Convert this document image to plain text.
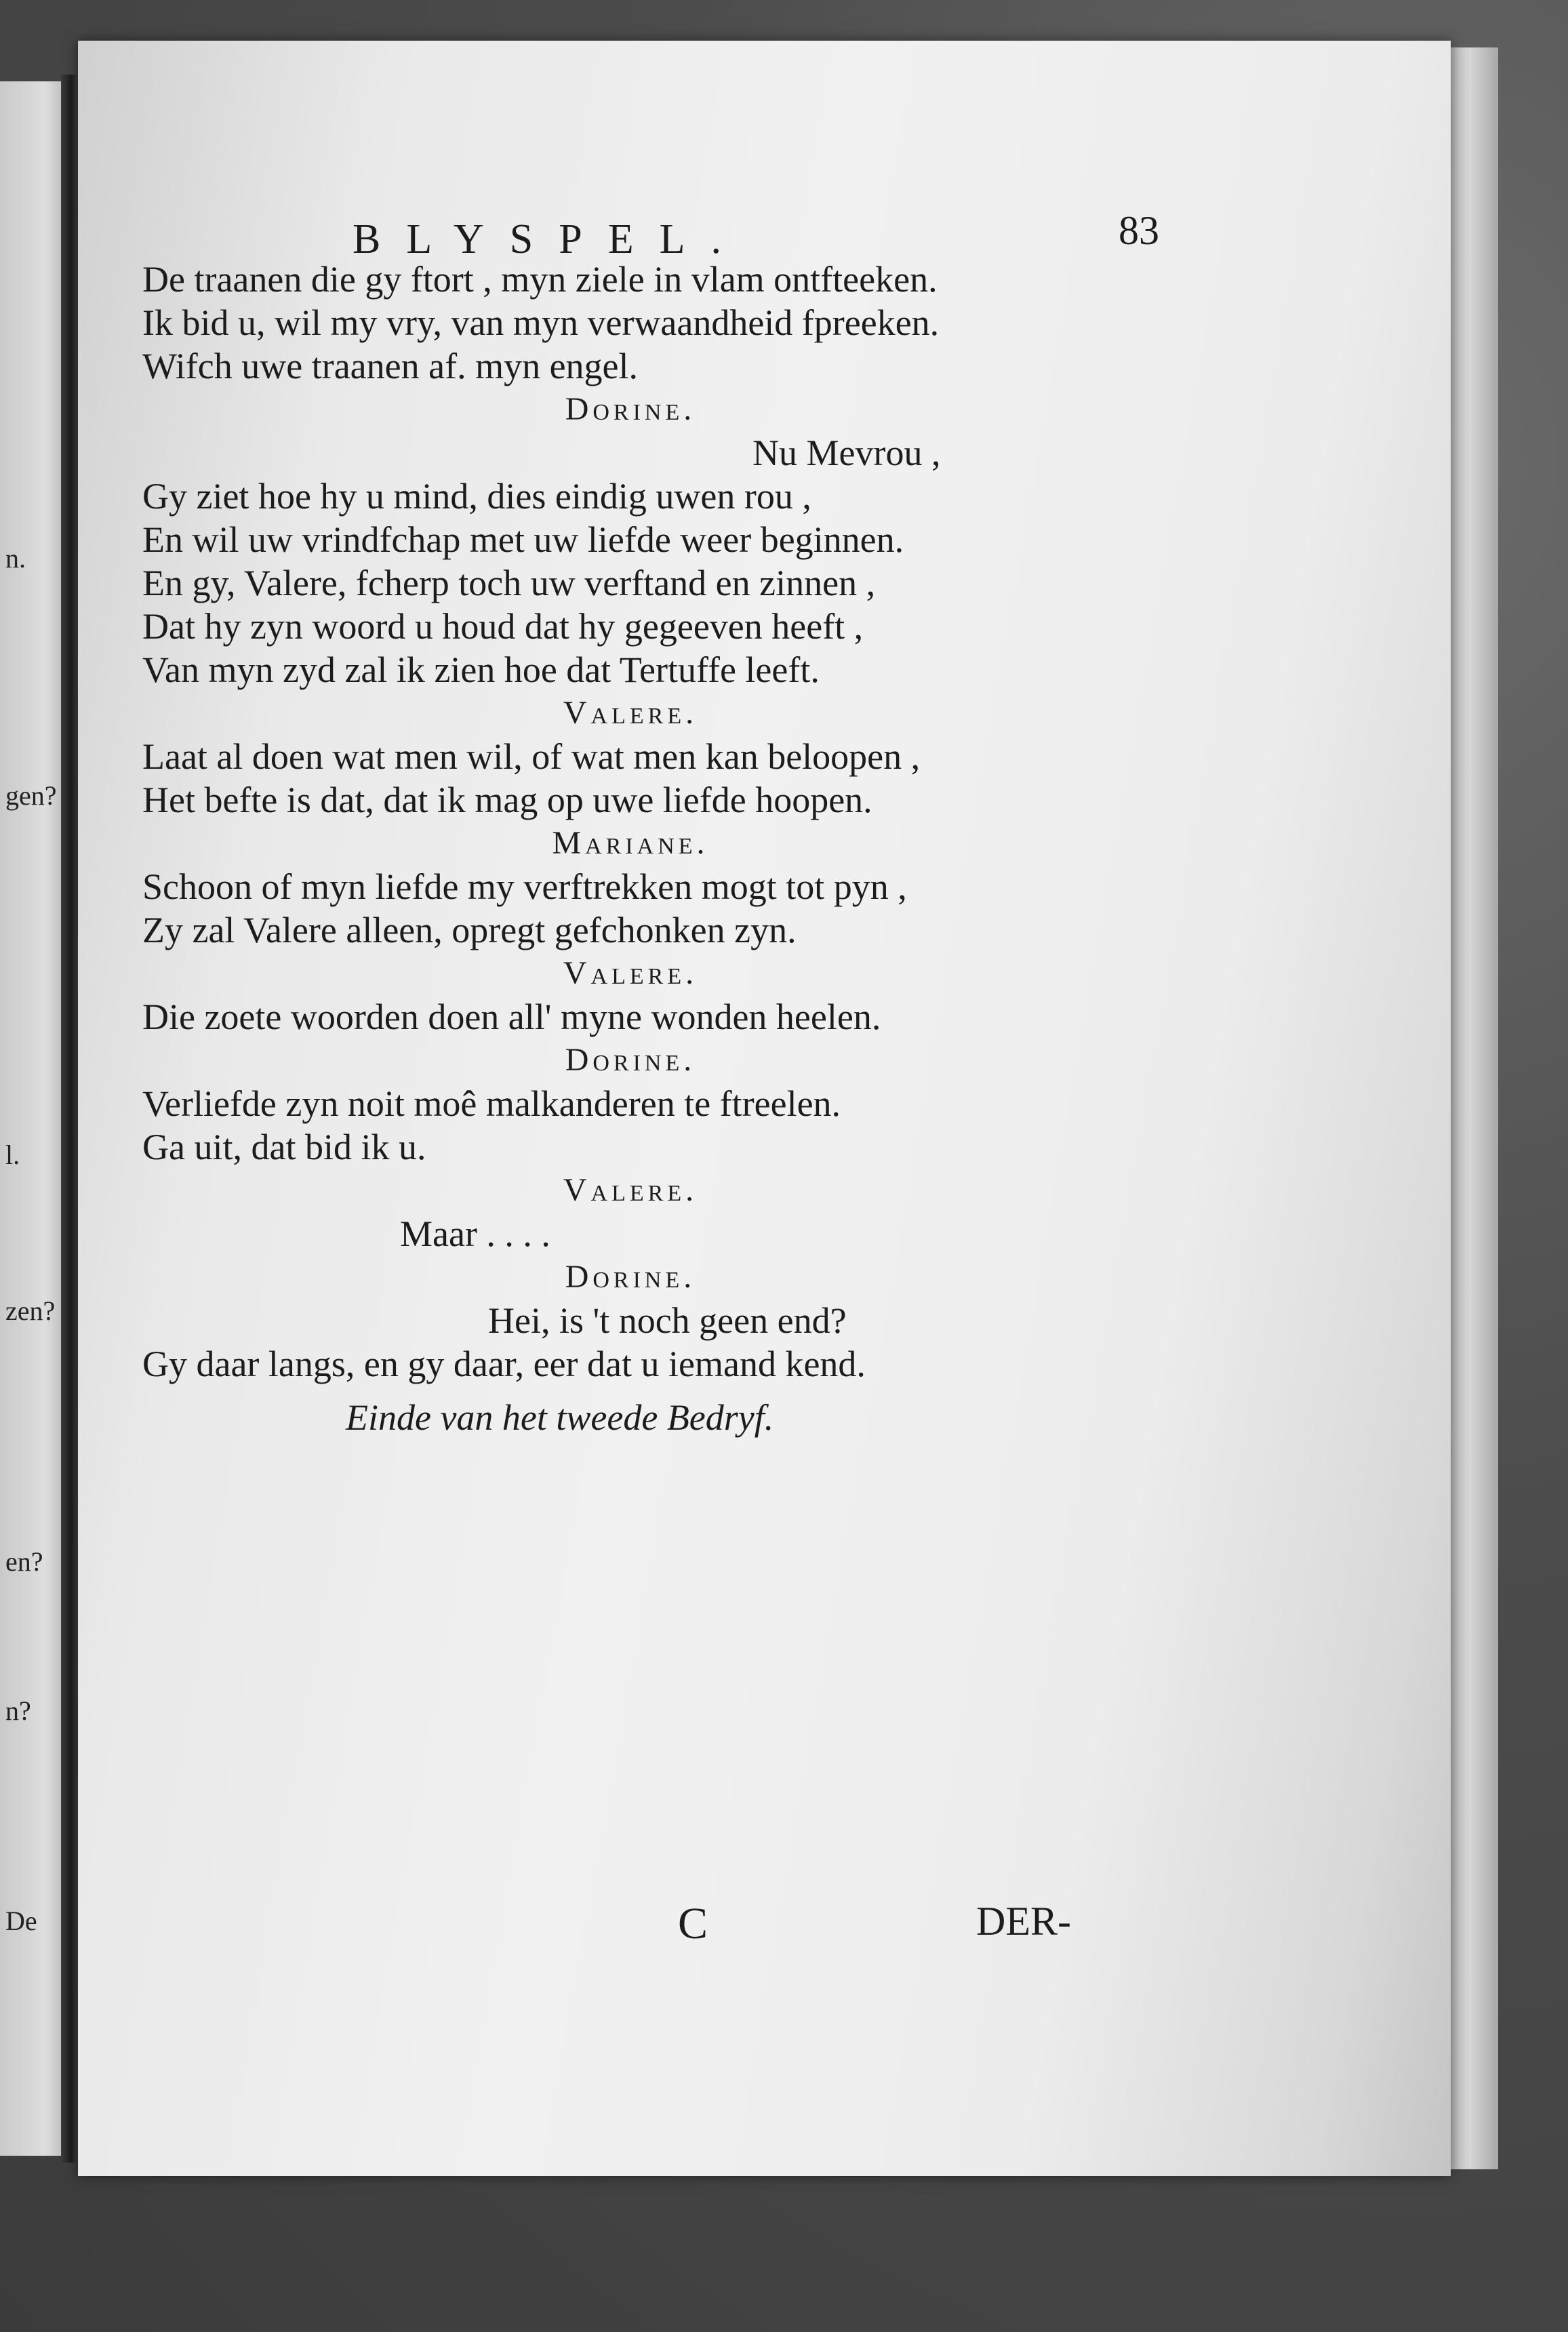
n.
gen?
l.
zen?
en?
n?
De
BLYSPEL.	83
De traanen die gy ftort , myn ziele in vlam ontfteeken.
Ik bid u, wil my vry, van myn verwaandheid fpreeken.
Wifch uwe traanen af. myn engel.
Dorine.
Nu Mevrou ,
Gy ziet hoe hy u mind, dies eindig uwen rou ,
En wil uw vrindfchap met uw liefde weer beginnen.
En gy, Valere, fcherp toch uw verftand en zinnen ,
Dat hy zyn woord u houd dat hy gegeeven heeft ,
Van myn zyd zal ik zien hoe dat Tertuffe leeft.
Valere.
Laat al doen wat men wil, of wat men kan beloopen ,
Het befte is dat, dat ik mag op uwe liefde hoopen.
Mariane.
Schoon of myn liefde my verftrekken mogt tot pyn ,
Zy zal Valere alleen, opregt gefchonken zyn.
Valere.
Die zoete woorden doen all' myne wonden heelen.
Dorine.
Verliefde zyn noit moê malkanderen te ftreelen.
Ga uit, dat bid ik u.
Valere.
Maar . . . .
Dorine.
Hei, is 't noch geen end?
Gy daar langs, en gy daar, eer dat u iemand kend.
Einde van het tweede Bedryf.
C	DER-
